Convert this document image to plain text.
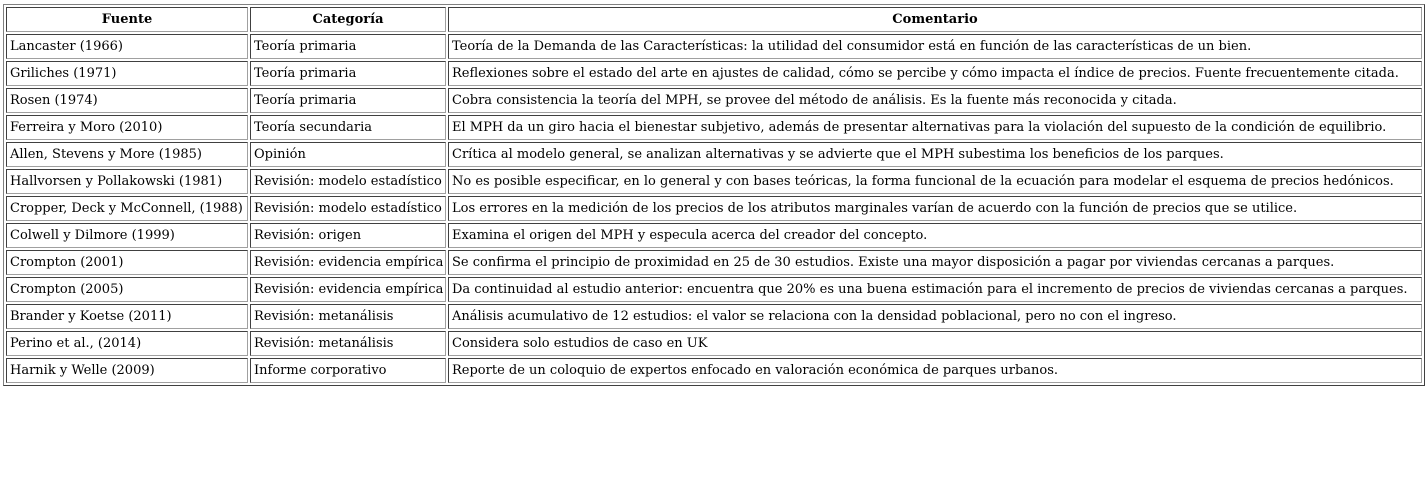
Fuente	Categoría	Comentario
Lancaster (1966)	Teoría primaria	Teoría de la Demanda de las Características: la utilidad del consumidor está en función de las características de un bien.
Griliches (1971)	Teoría primaria	Reflexiones sobre el estado del arte en ajustes de calidad, cómo se percibe y cómo impacta el índice de precios. Fuente frecuentemente citada.
Rosen (1974)	Teoría primaria	Cobra consistencia la teoría del MPH, se provee del método de análisis. Es la fuente más reconocida y citada.
Ferreira y Moro (2010)	Teoría secundaria	El MPH da un giro hacia el bienestar subjetivo, además de presentar alternativas para la violación del supuesto de la condición de equilibrio.
Allen, Stevens y More (1985)	Opinión	Crítica al modelo general, se analizan alternativas y se advierte que el MPH subestima los beneficios de los parques.
Hallvorsen y Pollakowski (1981)	Revisión: modelo estadístico	No es posible especificar, en lo general y con bases teóricas, la forma funcional de la ecuación para modelar el esquema de precios hedónicos.
Cropper, Deck y McConnell, (1988)	Revisión: modelo estadístico	Los errores en la medición de los precios de los atributos marginales varían de acuerdo con la función de precios que se utilice.
Colwell y Dilmore (1999)	Revisión: origen	Examina el origen del MPH y especula acerca del creador del concepto.
Crompton (2001)	Revisión: evidencia empírica	Se confirma el principio de proximidad en 25 de 30 estudios. Existe una mayor disposición a pagar por viviendas cercanas a parques.
Crompton (2005)	Revisión: evidencia empírica	Da continuidad al estudio anterior: encuentra que 20% es una buena estimación para el incremento de precios de viviendas cercanas a parques.
Brander y Koetse (2011)	Revisión: metanálisis	Análisis acumulativo de 12 estudios: el valor se relaciona con la densidad poblacional, pero no con el ingreso.
Perino et al., (2014)	Revisión: metanálisis	Considera solo estudios de caso en UK
Harnik y Welle (2009)	Informe corporativo	Reporte de un coloquio de expertos enfocado en valoración económica de parques urbanos.
